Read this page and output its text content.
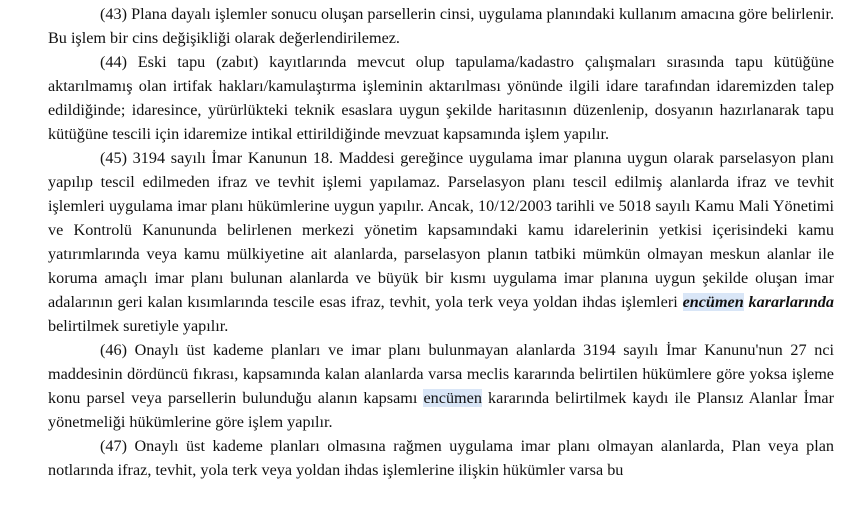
(43) Plana dayalı işlemler sonucu oluşan parsellerin cinsi, uygulama planındaki kullanım amacına göre belirlenir. Bu işlem bir cins değişikliği olarak değerlendirilemez.

(44) Eski tapu (zabıt) kayıtlarında mevcut olup tapulama/kadastro çalışmaları sırasında tapu kütüğüne aktarılmamış olan irtifak hakları/kamulaştırma işleminin aktarılması yönünde ilgili idare tarafından idaremizden talep edildiğinde; idaresince, yürürlükteki teknik esaslara uygun şekilde haritasının düzenlenip, dosyanın hazırlanarak tapu kütüğüne tescili için idaremize intikal ettirildiğinde mevzuat kapsamında işlem yapılır.

(45) 3194 sayılı İmar Kanunun 18. Maddesi gereğince uygulama imar planına uygun olarak parselasyon planı yapılıp tescil edilmeden ifraz ve tevhit işlemi yapılamaz. Parselasyon planı tescil edilmiş alanlarda ifraz ve tevhit işlemleri uygulama imar planı hükümlerine uygun yapılır. Ancak, 10/12/2003 tarihli ve 5018 sayılı Kamu Mali Yönetimi ve Kontrolü Kanununda belirlenen merkezi yönetim kapsamındaki kamu idarelerinin yetkisi içerisindeki kamu yatırımlarında veya kamu mülkiyetine ait alanlarda, parselasyon planın tatbiki mümkün olmayan meskun alanlar ile koruma amaçlı imar planı bulunan alanlarda ve büyük bir kısmı uygulama imar planına uygun şekilde oluşan imar adalarının geri kalan kısımlarında tescile esas ifraz, tevhit, yola terk veya yoldan ihdas işlemleri encümen kararlarında belirtilmek suretiyle yapılır.

(46) Onaylı üst kademe planları ve imar planı bulunmayan alanlarda 3194 sayılı İmar Kanunu'nun 27 nci maddesinin dördüncü fıkrası, kapsamında kalan alanlarda varsa meclis kararında belirtilen hükümlere göre yoksa işleme konu parsel veya parsellerin bulunduğu alanın kapsamı encümen kararında belirtilmek kaydı ile Plansız Alanlar İmar yönetmeliği hükümlerine göre işlem yapılır.

(47) Onaylı üst kademe planları olmasına rağmen uygulama imar planı olmayan alanlarda, Plan veya plan notlarında ifraz, tevhit, yola terk veya yoldan ihdas işlemlerine ilişkin hükümler varsa bu
